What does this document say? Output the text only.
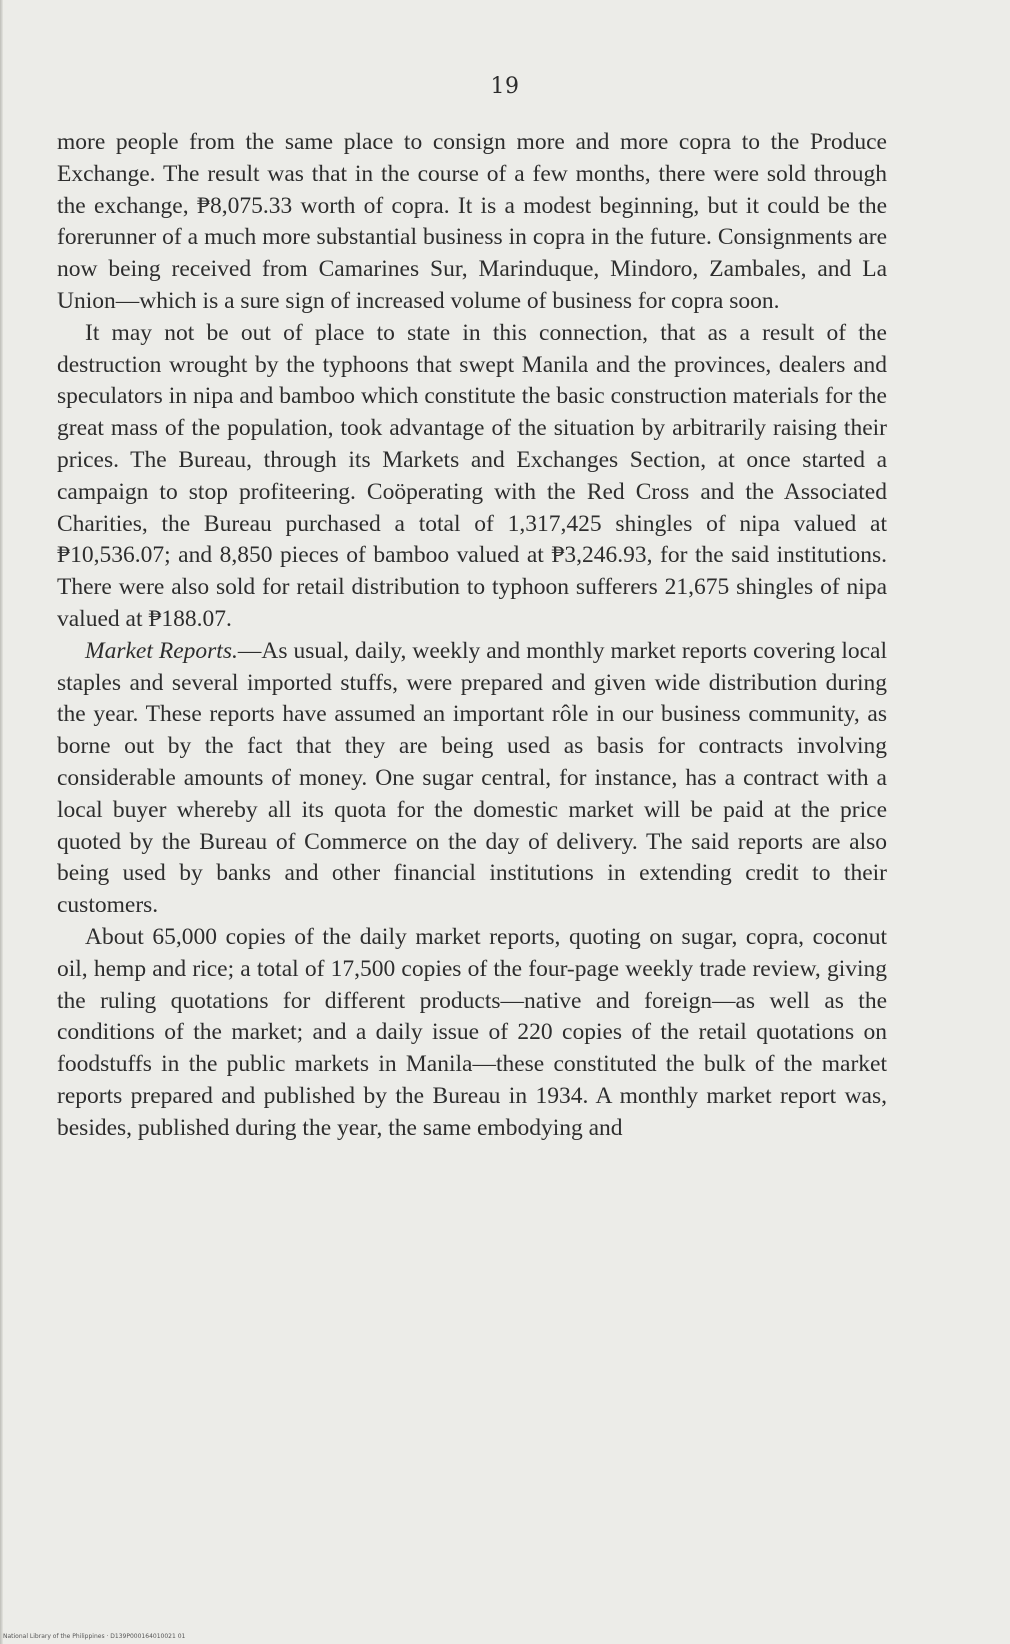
19

more people from the same place to consign more and more copra to the Produce Exchange. The result was that in the course of a few months, there were sold through the exchange, ₱8,075.33 worth of copra. It is a modest beginning, but it could be the forerunner of a much more substantial business in copra in the future. Consignments are now being received from Camarines Sur, Marinduque, Mindoro, Zambales, and La Union—which is a sure sign of increased volume of business for copra soon.

It may not be out of place to state in this connection, that as a result of the destruction wrought by the typhoons that swept Manila and the provinces, dealers and speculators in nipa and bamboo which constitute the basic construction materials for the great mass of the population, took advantage of the situation by arbitrarily raising their prices. The Bureau, through its Markets and Exchanges Section, at once started a campaign to stop profiteering. Coöperating with the Red Cross and the Associated Charities, the Bureau purchased a total of 1,317,425 shingles of nipa valued at ₱10,536.07; and 8,850 pieces of bamboo valued at ₱3,246.93, for the said institutions. There were also sold for retail distribution to typhoon sufferers 21,675 shingles of nipa valued at ₱188.07.

Market Reports.—As usual, daily, weekly and monthly market reports covering local staples and several imported stuffs, were prepared and given wide distribution during the year. These reports have assumed an important rôle in our business community, as borne out by the fact that they are being used as basis for contracts involving considerable amounts of money. One sugar central, for instance, has a contract with a local buyer whereby all its quota for the domestic market will be paid at the price quoted by the Bureau of Commerce on the day of delivery. The said reports are also being used by banks and other financial institutions in extending credit to their customers.

About 65,000 copies of the daily market reports, quoting on sugar, copra, coconut oil, hemp and rice; a total of 17,500 copies of the four-page weekly trade review, giving the ruling quotations for different products—native and foreign—as well as the conditions of the market; and a daily issue of 220 copies of the retail quotations on foodstuffs in the public markets in Manila—these constituted the bulk of the market reports prepared and published by the Bureau in 1934. A monthly market report was, besides, published during the year, the same embodying and

National Library of the Philippines · D139P000164010021 01
